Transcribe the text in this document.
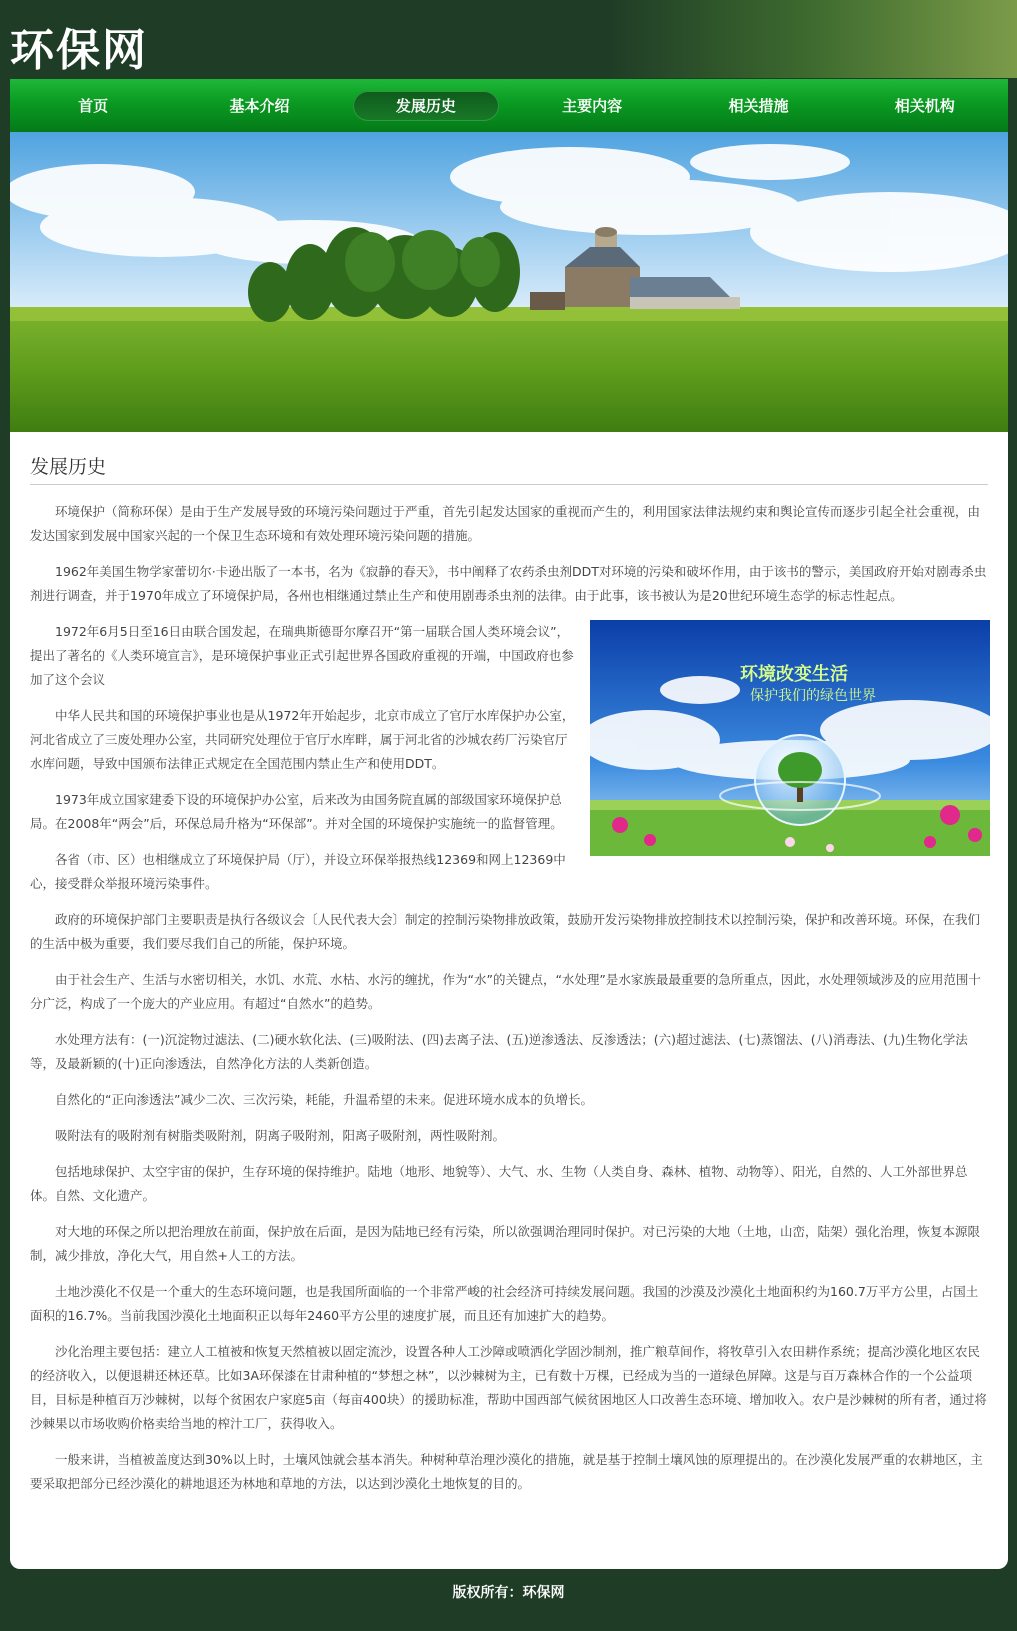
环保网
首页	基本介绍	发展历史	主要内容	相关措施	相关机构
发展历史

环境保护（简称环保）是由于生产发展导致的环境污染问题过于严重，首先引起发达国家的重视而产生的，利用国家法律法规约束和舆论宣传而逐步引起全社会重视，由发达国家到发展中国家兴起的一个保卫生态环境和有效处理环境污染问题的措施。

1962年美国生物学家蕾切尔·卡逊出版了一本书，名为《寂静的春天》，书中阐释了农药杀虫剂DDT对环境的污染和破坏作用，由于该书的警示，美国政府开始对剧毒杀虫剂进行调查，并于1970年成立了环境保护局，各州也相继通过禁止生产和使用剧毒杀虫剂的法律。由于此事，该书被认为是20世纪环境生态学的标志性起点。

环境改变生活
保护我们的绿色世界

1972年6月5日至16日由联合国发起，在瑞典斯德哥尔摩召开“第一届联合国人类环境会议”，提出了著名的《人类环境宣言》，是环境保护事业正式引起世界各国政府重视的开端，中国政府也参加了这个会议

中华人民共和国的环境保护事业也是从1972年开始起步，北京市成立了官厅水库保护办公室，河北省成立了三废处理办公室，共同研究处理位于官厅水库畔，属于河北省的沙城农药厂污染官厅水库问题，导致中国颁布法律正式规定在全国范围内禁止生产和使用DDT。

1973年成立国家建委下设的环境保护办公室，后来改为由国务院直属的部级国家环境保护总局。在2008年“两会”后，环保总局升格为“环保部”。并对全国的环境保护实施统一的监督管理。

各省（市、区）也相继成立了环境保护局（厅），并设立环保举报热线12369和网上12369中心，接受群众举报环境污染事件。

政府的环境保护部门主要职责是执行各级议会〔人民代表大会〕制定的控制污染物排放政策，鼓励开发污染物排放控制技术以控制污染，保护和改善环境。环保，在我们的生活中极为重要，我们要尽我们自己的所能，保护环境。

由于社会生产、生活与水密切相关，水饥、水荒、水枯、水污的缠扰，作为“水”的关键点，“水处理”是水家族最最重要的急所重点，因此，水处理领域涉及的应用范围十分广泛，构成了一个庞大的产业应用。有超过“自然水”的趋势。

水处理方法有：(一)沉淀物过滤法、(二)硬水软化法、(三)吸附法、(四)去离子法、(五)逆渗透法、反渗透法；(六)超过滤法、(七)蒸馏法、(八)消毒法、(九)生物化学法等，及最新颖的(十)正向渗透法，自然净化方法的人类新创造。

自然化的“正向渗透法”减少二次、三次污染，耗能，升温希望的未来。促进环境水成本的负增长。

吸附法有的吸附剂有树脂类吸附剂，阴离子吸附剂，阳离子吸附剂，两性吸附剂。

包括地球保护、太空宇宙的保护，生存环境的保持维护。陆地（地形、地貌等）、大气、水、生物（人类自身、森林、植物、动物等）、阳光，自然的、人工外部世界总体。自然、文化遗产。

对大地的环保之所以把治理放在前面，保护放在后面，是因为陆地已经有污染，所以欲强调治理同时保护。对已污染的大地（土地，山峦，陆架）强化治理，恢复本源限制，减少排放，净化大气，用自然+人工的方法。

土地沙漠化不仅是一个重大的生态环境问题，也是我国所面临的一个非常严峻的社会经济可持续发展问题。我国的沙漠及沙漠化土地面积约为160.7万平方公里，占国土面积的16.7%。当前我国沙漠化土地面积正以每年2460平方公里的速度扩展，而且还有加速扩大的趋势。

沙化治理主要包括：建立人工植被和恢复天然植被以固定流沙，设置各种人工沙障或喷洒化学固沙制剂，推广粮草间作，将牧草引入农田耕作系统；提高沙漠化地区农民的经济收入，以便退耕还林还草。比如3A环保漆在甘肃种植的“梦想之林”，以沙棘树为主，已有数十万棵，已经成为当的一道绿色屏障。这是与百万森林合作的一个公益项目，目标是种植百万沙棘树，以每个贫困农户家庭5亩（每亩400块）的援助标准，帮助中国西部气候贫困地区人口改善生态环境、增加收入。农户是沙棘树的所有者，通过将沙棘果以市场收购价格卖给当地的榨汁工厂，获得收入。

一般来讲，当植被盖度达到30%以上时，土壤风蚀就会基本消失。种树种草治理沙漠化的措施，就是基于控制土壤风蚀的原理提出的。在沙漠化发展严重的农耕地区，主要采取把部分已经沙漠化的耕地退还为林地和草地的方法，以达到沙漠化土地恢复的目的。

版权所有：环保网
